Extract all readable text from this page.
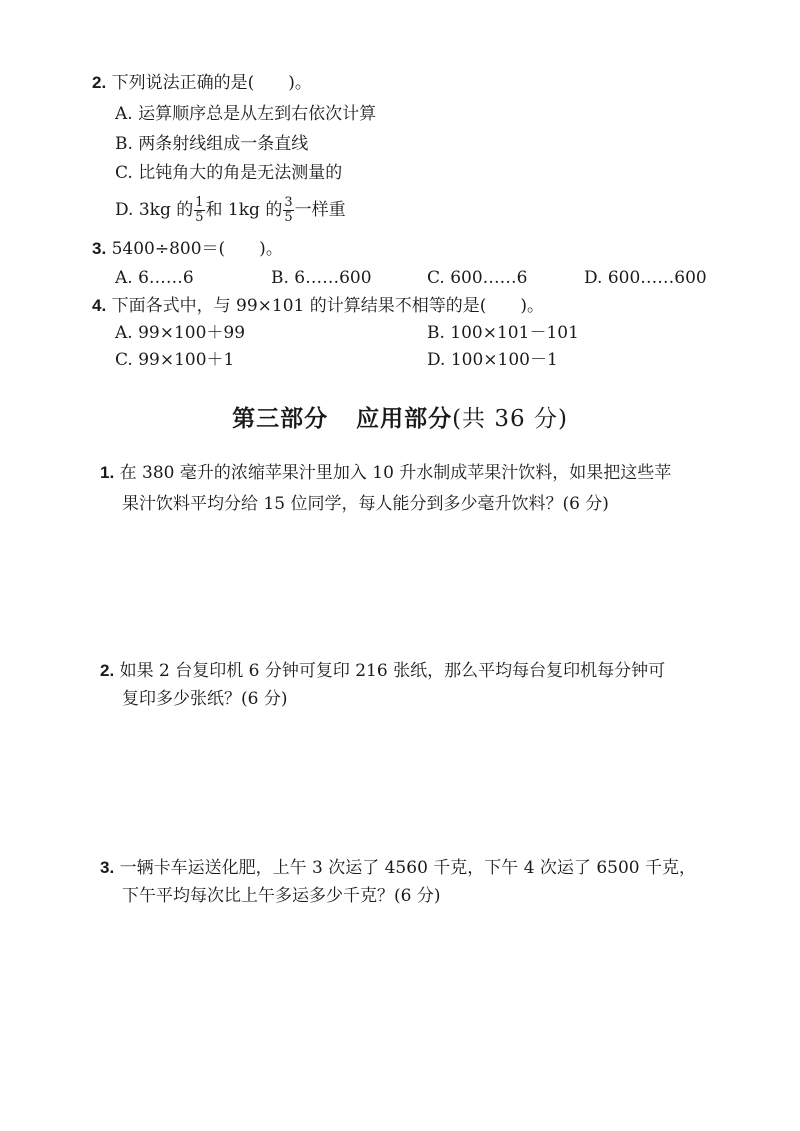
2. 下列说法正确的是(　　)。
A. 运算顺序总是从左到右依次计算
B. 两条射线组成一条直线
C. 比钝角大的角是无法测量的
D. 3kg 的 $\frac{1}{5}$ 和 1kg 的 $\frac{3}{5}$ 一样重
3. 5400÷800＝(　　)。
A. 6……6	B. 6……600	C. 600……6	D. 600……600
4. 下面各式中，与 99×101 的计算结果不相等的是(　　)。
A. 99×100＋99	B. 100×101－101
C. 99×100＋1	D. 100×100－1
第三部分 应用部分(共 36 分)
1. 在 380 毫升的浓缩苹果汁里加入 10 升水制成苹果汁饮料，如果把这些苹
果汁饮料平均分给 15 位同学，每人能分到多少毫升饮料？(6 分)
2. 如果 2 台复印机 6 分钟可复印 216 张纸，那么平均每台复印机每分钟可
复印多少张纸？(6 分)
3. 一辆卡车运送化肥，上午 3 次运了 4560 千克，下午 4 次运了 6500 千克，
下午平均每次比上午多运多少千克？(6 分)
